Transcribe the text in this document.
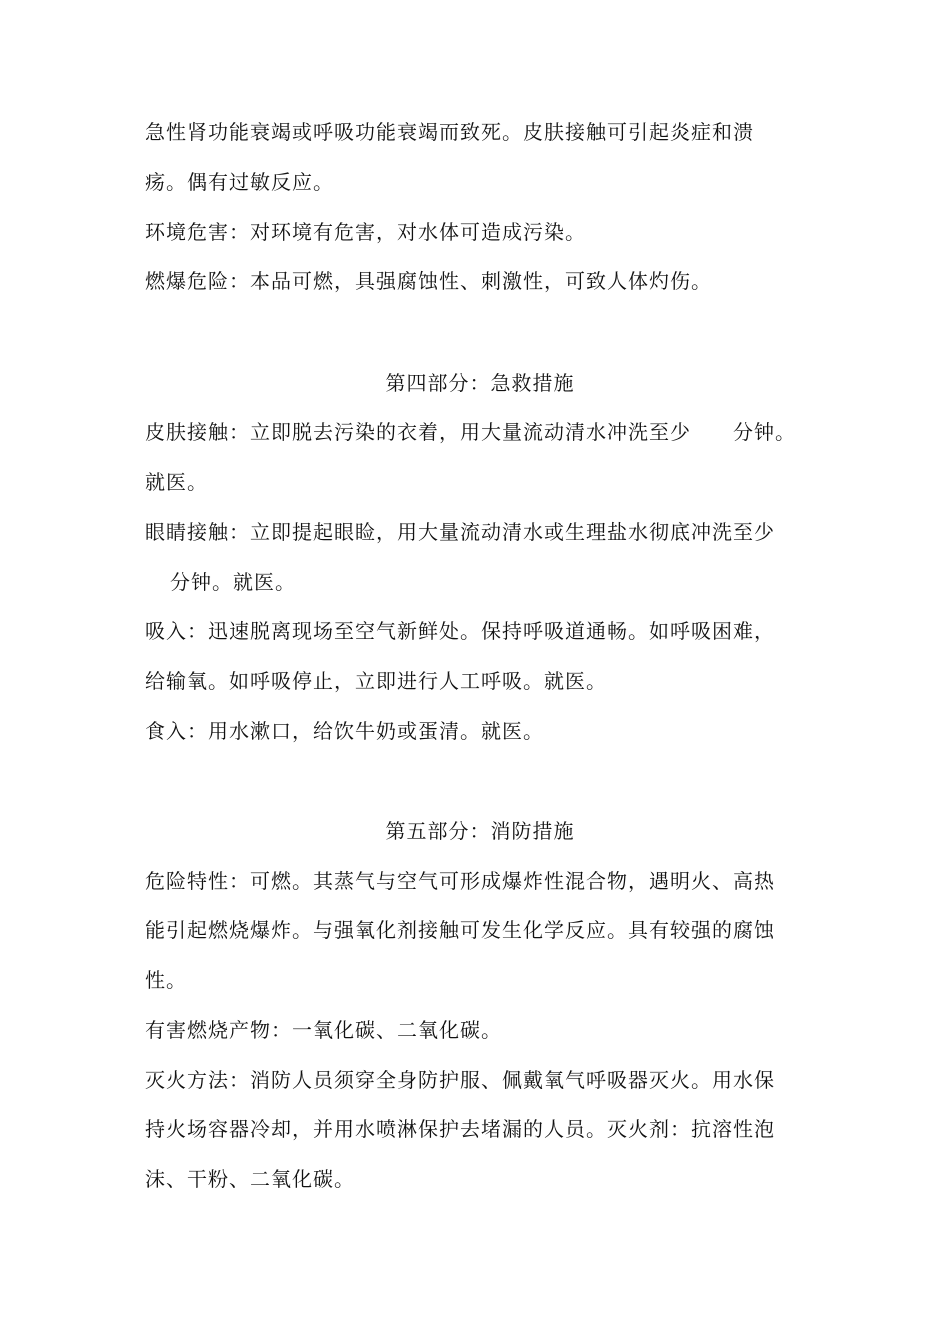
急性肾功能衰竭或呼吸功能衰竭而致死。皮肤接触可引起炎症和溃
疡。偶有过敏反应。
环境危害：对环境有危害，对水体可造成污染。
燃爆危险：本品可燃，具强腐蚀性、刺激性，可致人体灼伤。
第四部分：急救措施
皮肤接触：立即脱去污染的衣着，用大量流动清水冲洗至少　　分钟。
就医。
眼睛接触：立即提起眼睑，用大量流动清水或生理盐水彻底冲洗至少
分钟。就医。
吸入：迅速脱离现场至空气新鲜处。保持呼吸道通畅。如呼吸困难，
给输氧。如呼吸停止，立即进行人工呼吸。就医。
食入：用水漱口，给饮牛奶或蛋清。就医。
第五部分：消防措施
危险特性：可燃。其蒸气与空气可形成爆炸性混合物，遇明火、高热
能引起燃烧爆炸。与强氧化剂接触可发生化学反应。具有较强的腐蚀
性。
有害燃烧产物：一氧化碳、二氧化碳。
灭火方法：消防人员须穿全身防护服、佩戴氧气呼吸器灭火。用水保
持火场容器冷却，并用水喷淋保护去堵漏的人员。灭火剂：抗溶性泡
沫、干粉、二氧化碳。
